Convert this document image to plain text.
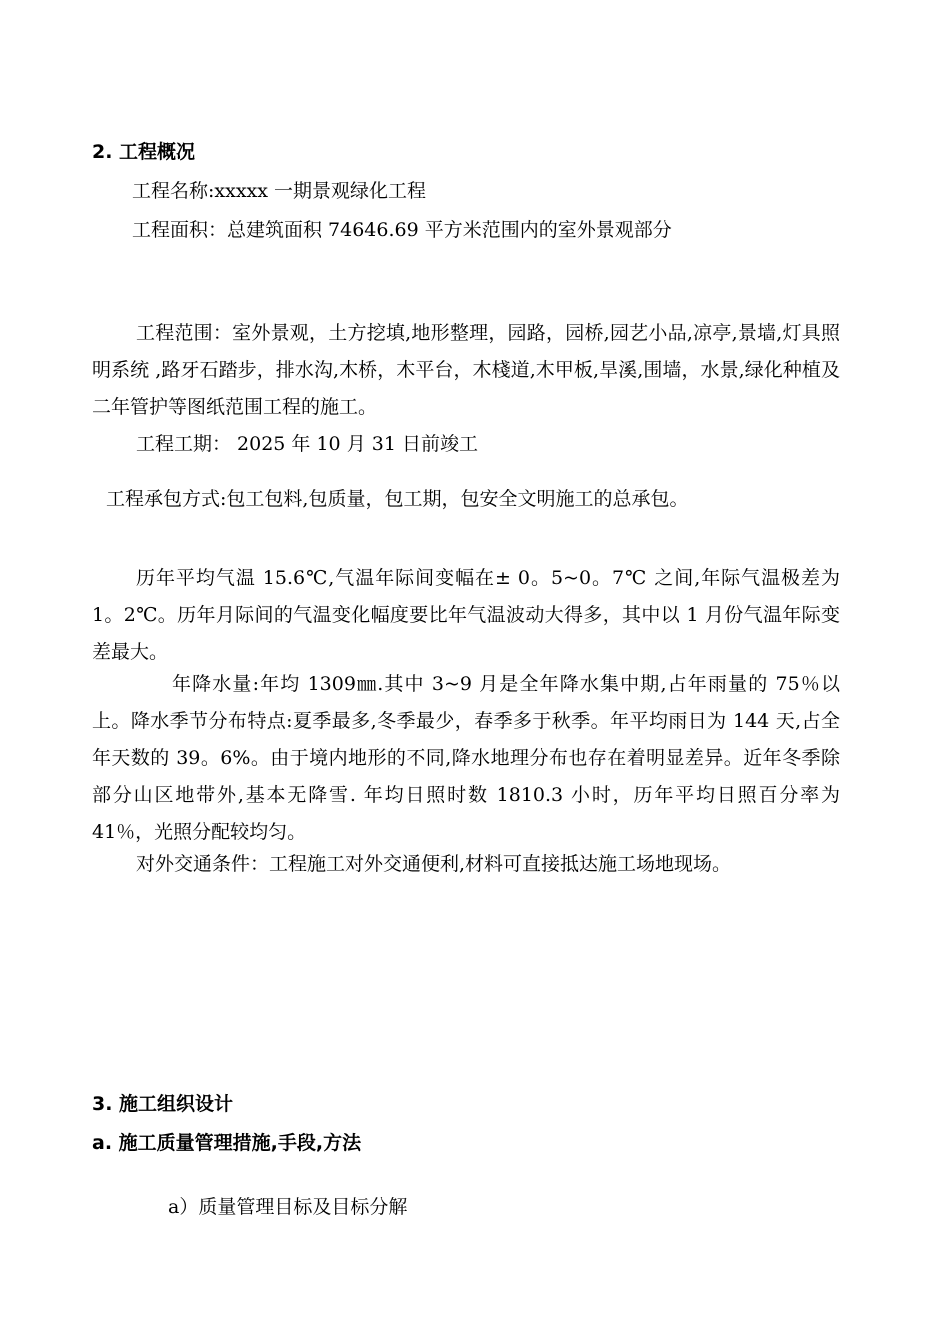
2. 工程概况
工程名称:xxxxx 一期景观绿化工程
工程面积：总建筑面积 74646.69 平方米范围内的室外景观部分
工程范围：室外景观，土方挖填,地形整理，园路，园桥,园艺小品,凉亭,景墙,灯具照明系统 ,路牙石踏步，排水沟,木桥，木平台，木棧道,木甲板,旱溪,围墙，水景,绿化种植及二年管护等图纸范围工程的施工。
工程工期： 2025 年 10 月 31 日前竣工
工程承包方式:包工包料,包质量，包工期，包安全文明施工的总承包。
历年平均气温 15.6℃,气温年际间变幅在± 0。5~0。7℃ 之间,年际气温极差为 1。2℃。历年月际间的气温变化幅度要比年气温波动大得多，其中以 1 月份气温年际变差最大。
年降水量:年均 1309㎜.其中 3~9 月是全年降水集中期,占年雨量的 75％以上。降水季节分布特点:夏季最多,冬季最少，春季多于秋季。年平均雨日为 144 天,占全年天数的 39。6%。由于境内地形的不同,降水地理分布也存在着明显差异。近年冬季除部分山区地带外,基本无降雪. 年均日照时数 1810.3 小时，历年平均日照百分率为 41％，光照分配较均匀。
对外交通条件：工程施工对外交通便利,材料可直接抵达施工场地现场。
3. 施工组织设计
a. 施工质量管理措施,手段,方法
a）质量管理目标及目标分解
